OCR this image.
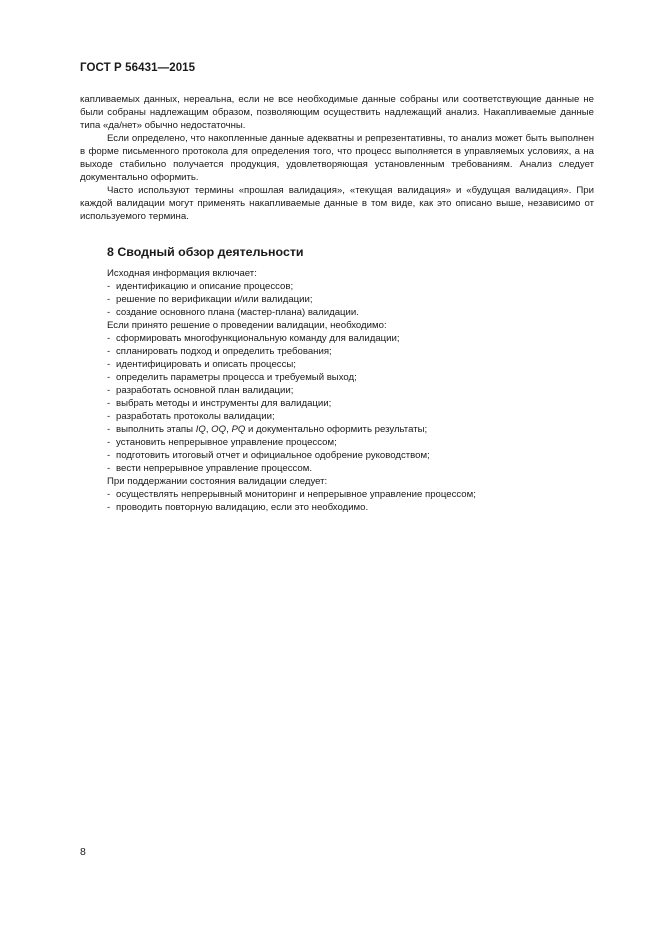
ГОСТ Р 56431—2015

капливаемых данных, нереальна, если не все необходимые данные собраны или соответствующие данные не были собраны надлежащим образом, позволяющим осуществить надлежащий анализ. Накапливаемые данные типа «да/нет» обычно недостаточны.

Если определено, что накопленные данные адекватны и репрезентативны, то анализ может быть выполнен в форме письменного протокола для определения того, что процесс выполняется в управляемых условиях, а на выходе стабильно получается продукция, удовлетворяющая установленным требованиям. Анализ следует документально оформить.

Часто используют термины «прошлая валидация», «текущая валидация» и «будущая валидация». При каждой валидации могут применять накапливаемые данные в том виде, как это описано выше, независимо от используемого термина.

8 Сводный обзор деятельности

Исходная информация включает:

- идентификацию и описание процессов;

- решение по верификации и/или валидации;

- создание основного плана (мастер-плана) валидации.

Если принято решение о проведении валидации, необходимо:

- сформировать многофункциональную команду для валидации;

- спланировать подход и определить требования;

- идентифицировать и описать процессы;

- определить параметры процесса и требуемый выход;

- разработать основной план валидации;

- выбрать методы и инструменты для валидации;

- разработать протоколы валидации;

- выполнить этапы IQ, OQ, PQ и документально оформить результаты;

- установить непрерывное управление процессом;

- подготовить итоговый отчет и официальное одобрение руководством;

- вести непрерывное управление процессом.

При поддержании состояния валидации следует:

- осуществлять непрерывный мониторинг и непрерывное управление процессом;

- проводить повторную валидацию, если это необходимо.

8
